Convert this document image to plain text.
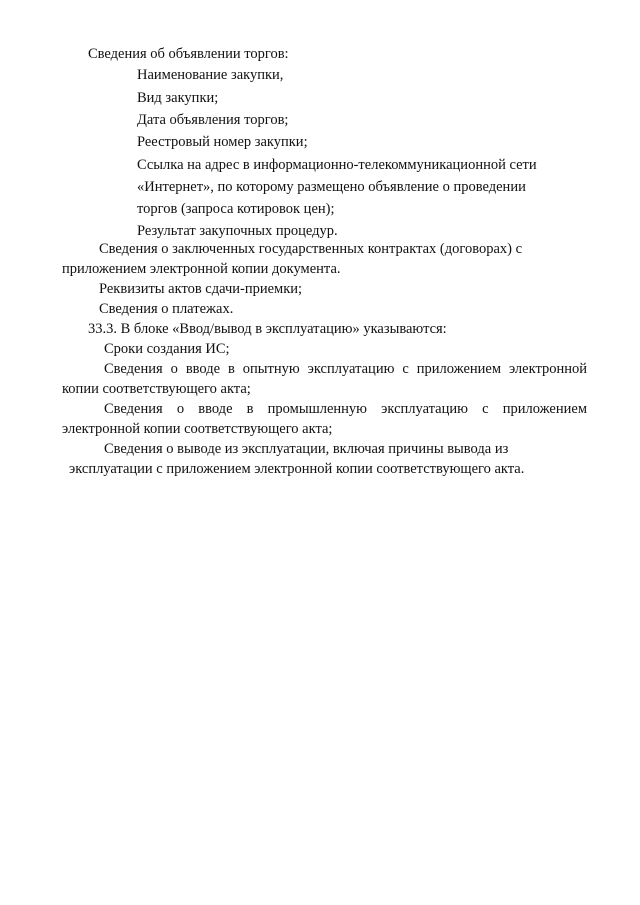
Сведения об объявлении торгов:
Наименование закупки,
Вид закупки;
Дата объявления торгов;
Реестровый номер закупки;
Ссылка на адрес в информационно-телекоммуникационной сети
«Интернет», по которому размещено объявление о проведении
торгов (запроса котировок цен);
Результат закупочных процедур.
Сведения о заключенных государственных контрактах (договорах) с
приложением электронной копии документа.
Реквизиты актов сдачи-приемки;
Сведения о платежах.
33.3. В блоке «Ввод/вывод в эксплуатацию» указываются:
Сроки создания ИС;
Сведения о вводе в опытную эксплуатацию с приложением электронной
копии соответствующего акта;
Сведения о вводе в промышленную эксплуатацию с приложением
электронной копии соответствующего акта;
Сведения о выводе из эксплуатации, включая причины вывода из
эксплуатации с приложением электронной копии соответствующего акта.
